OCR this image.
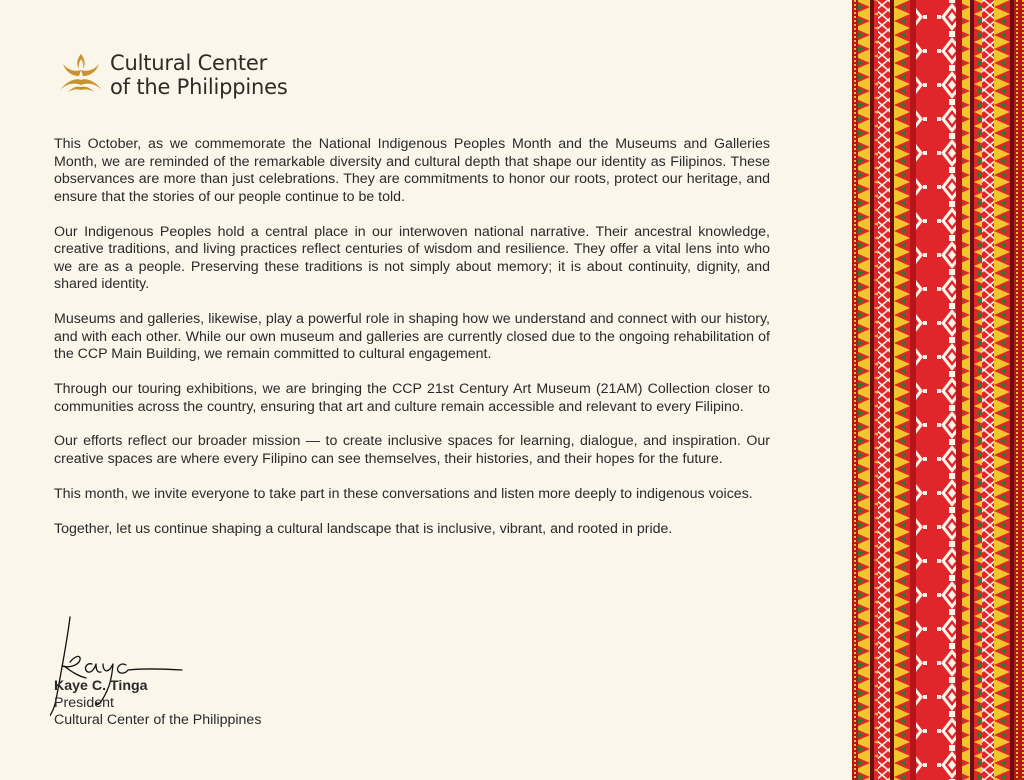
Cultural Center
of the Philippines

This October, as we commemorate the National Indigenous Peoples Month and the Museums and Galleries Month, we are reminded of the remarkable diversity and cultural depth that shape our identity as Filipinos. These observances are more than just celebrations. They are commitments to honor our roots, protect our heritage, and ensure that the stories of our people continue to be told.

Our Indigenous Peoples hold a central place in our interwoven national narrative. Their ancestral knowledge, creative traditions, and living practices reflect centuries of wisdom and resilience. They offer a vital lens into who we are as a people. Preserving these traditions is not simply about memory; it is about continuity, dignity, and shared identity.

Museums and galleries, likewise, play a powerful role in shaping how we understand and connect with our history, and with each other. While our own museum and galleries are currently closed due to the ongoing rehabilitation of the CCP Main Building, we remain committed to cultural engagement.

Through our touring exhibitions, we are bringing the CCP 21st Century Art Museum (21AM) Collection closer to communities across the country, ensuring that art and culture remain accessible and relevant to every Filipino.

Our efforts reflect our broader mission — to create inclusive spaces for learning, dialogue, and inspiration. Our creative spaces are where every Filipino can see themselves, their histories, and their hopes for the future.

This month, we invite everyone to take part in these conversations and listen more deeply to indigenous voices.

Together, let us continue shaping a cultural landscape that is inclusive, vibrant, and rooted in pride.

Kaye C. Tinga
President
Cultural Center of the Philippines
